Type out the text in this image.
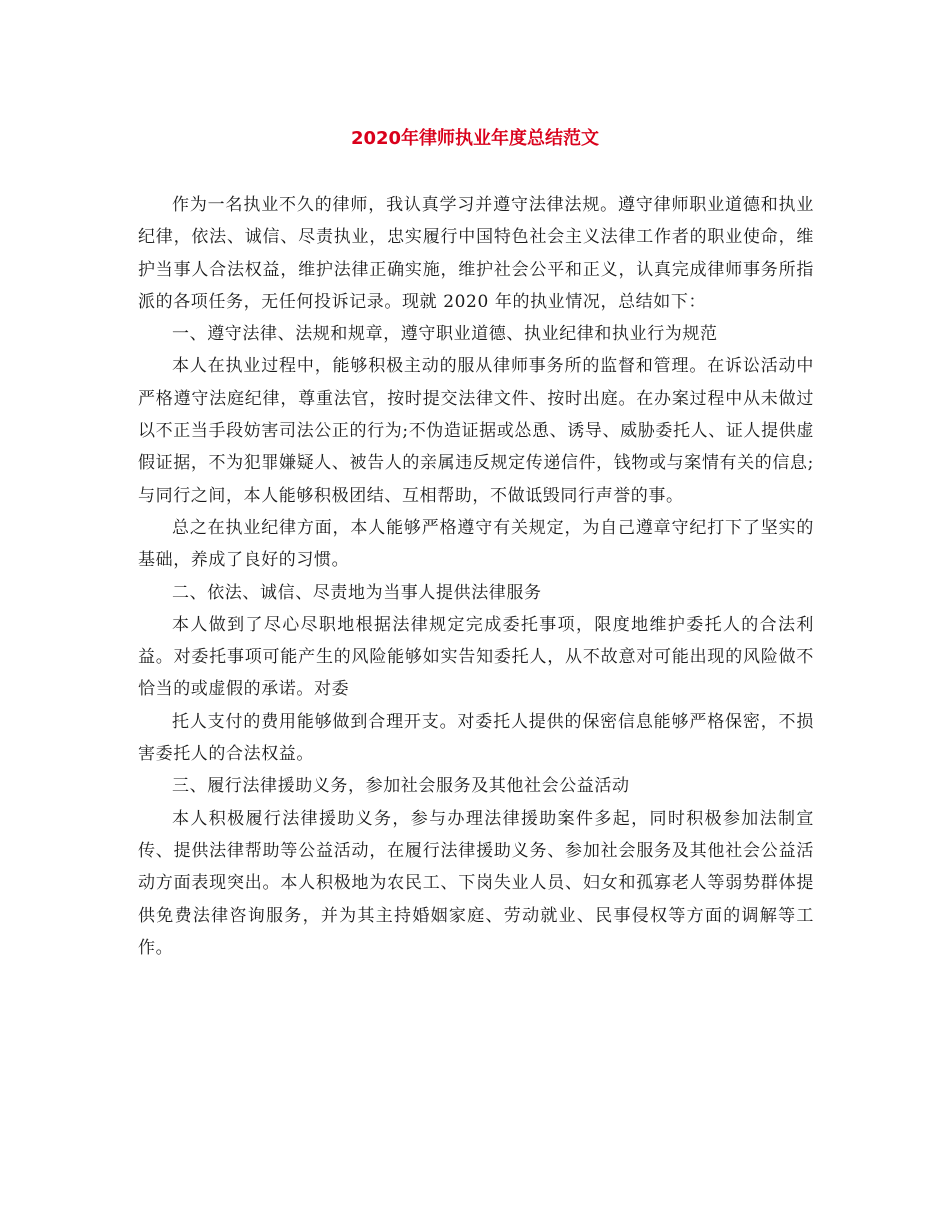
2020年律师执业年度总结范文

作为一名执业不久的律师，我认真学习并遵守法律法规。遵守律师职业道德和执业纪律，依法、诚信、尽责执业，忠实履行中国特色社会主义法律工作者的职业使命，维护当事人合法权益，维护法律正确实施，维护社会公平和正义，认真完成律师事务所指派的各项任务，无任何投诉记录。现就 2020 年的执业情况，总结如下：

一、遵守法律、法规和规章，遵守职业道德、执业纪律和执业行为规范

本人在执业过程中，能够积极主动的服从律师事务所的监督和管理。在诉讼活动中严格遵守法庭纪律，尊重法官，按时提交法律文件、按时出庭。在办案过程中从未做过以不正当手段妨害司法公正的行为;不伪造证据或怂恿、诱导、威胁委托人、证人提供虚假证据，不为犯罪嫌疑人、被告人的亲属违反规定传递信件，钱物或与案情有关的信息;与同行之间，本人能够积极团结、互相帮助，不做诋毁同行声誉的事。

总之在执业纪律方面，本人能够严格遵守有关规定，为自己遵章守纪打下了坚实的基础，养成了良好的习惯。

二、依法、诚信、尽责地为当事人提供法律服务

本人做到了尽心尽职地根据法律规定完成委托事项，限度地维护委托人的合法利益。对委托事项可能产生的风险能够如实告知委托人，从不故意对可能出现的风险做不恰当的或虚假的承诺。对委

托人支付的费用能够做到合理开支。对委托人提供的保密信息能够严格保密，不损害委托人的合法权益。

三、履行法律援助义务，参加社会服务及其他社会公益活动

本人积极履行法律援助义务，参与办理法律援助案件多起，同时积极参加法制宣传、提供法律帮助等公益活动，在履行法律援助义务、参加社会服务及其他社会公益活动方面表现突出。本人积极地为农民工、下岗失业人员、妇女和孤寡老人等弱势群体提供免费法律咨询服务，并为其主持婚姻家庭、劳动就业、民事侵权等方面的调解等工作。
